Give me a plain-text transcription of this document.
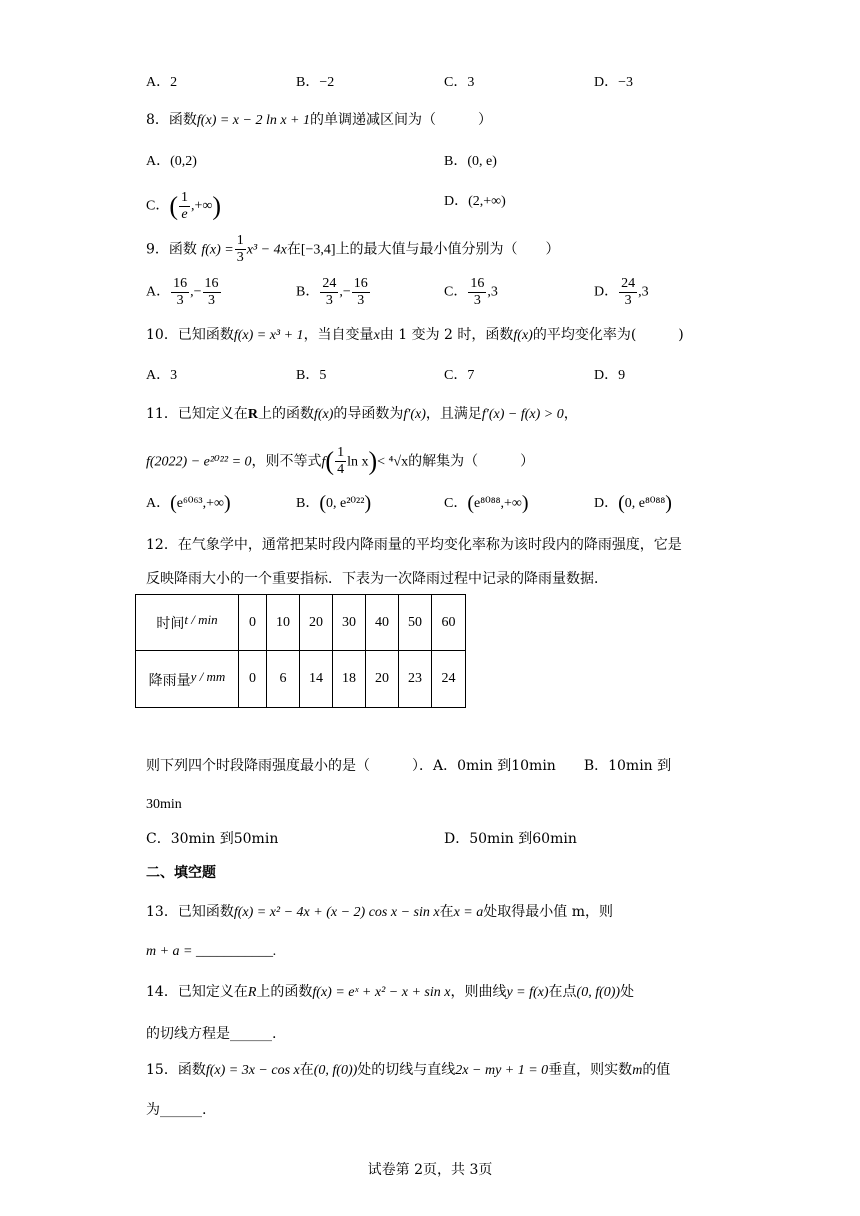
A．2	B．−2	C．3	D．−3
8．函数f(x) = x − 2 ln x + 1的单调递减区间为（　　　）
A．(0,2)	B．(0, e)
C．( $\frac{1}{e}$ ,+∞)	D．(2,+∞)
9．函数 $f(x) = \frac{1}{3} x^3 - 4x$在[−3,4]上的最大值与最小值分别为（　　）
A． $\frac{16}{3}$ ,− $\frac{16}{3}$	B． $\frac{24}{3}$ ,− $\frac{16}{3}$	C． $\frac{16}{3} ,3$	D． $\frac{24}{3} ,3$
10．已知函数f(x) = x³ + 1，当自变量x由 1 变为 2 时，函数f(x)的平均变化率为(　　　)
A．3	B．5	C．7	D．9
11．已知定义在R上的函数f(x)的导函数为f′(x)，且满足f′(x) − f(x) > 0，
f(2022) − e²⁰²² = 0，则不等式$f( \frac{1}{4}$ ln x)< ⁴√x的解集为（　　　）
A．(e⁶⁰⁶³,+∞)	B．(0, e²⁰²²)	C．(e⁸⁰⁸⁸,+∞)	D．(0, e⁸⁰⁸⁸)
12．在气象学中，通常把某时段内降雨量的平均变化率称为该时段内的降雨强度，它是
反映降雨大小的一个重要指标．下表为一次降雨过程中记录的降雨量数据．
时间t / min	0	10	20	30	40	50	60
降雨量y / mm	0	6	14	18	20	23	24
则下列四个时段降雨强度最小的是（　　　）．A．0min 到10min　　B．10min 到
30min
C．30min 到50min	D．50min 到60min
二、填空题
13．已知函数f(x) = x² − 4x + (x − 2) cos x − sin x在x = a处取得最小值 m，则
m + a = ___________.
14．已知定义在R上的函数f(x) = eˣ + x² − x + sin x，则曲线y = f(x)在点(0, f(0))处
的切线方程是______.
15．函数f(x) = 3x − cos x在(0, f(0))处的切线与直线2x − my + 1 = 0垂直，则实数m的值
为______.
试卷第 2页，共 3页
